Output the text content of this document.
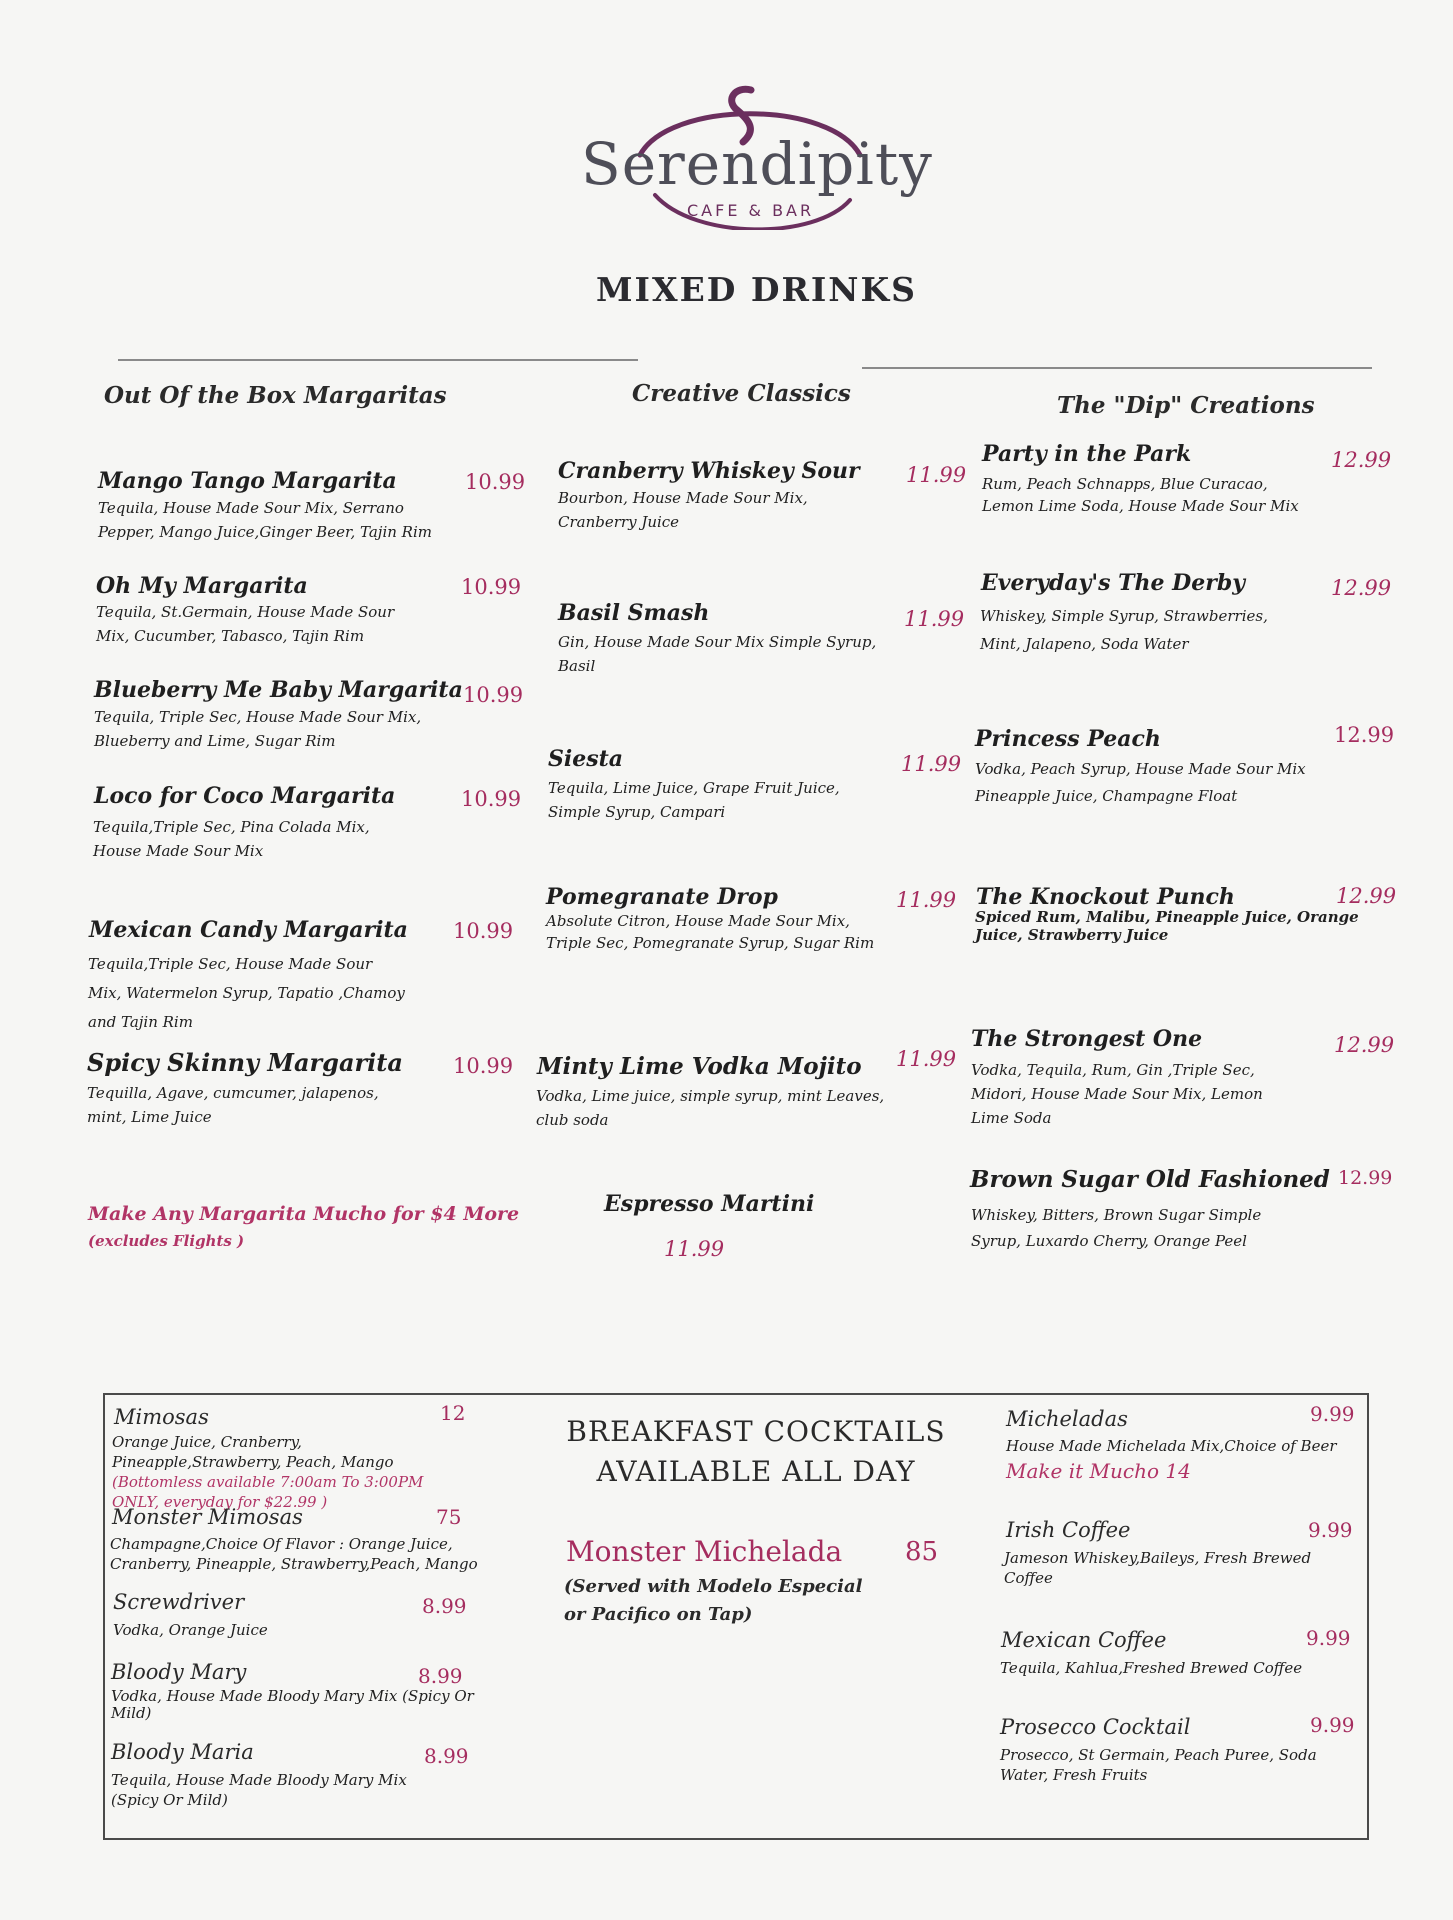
Serendipity
CAFE & BAR
MIXED DRINKS
Out Of the Box Margaritas
Mango Tango Margarita	10.99
Tequila, House Made Sour Mix, Serrano Pepper, Mango Juice,Ginger Beer, Tajin Rim
Oh My Margarita	10.99
Tequila, St.Germain, House Made Sour Mix, Cucumber, Tabasco, Tajin Rim
Blueberry Me Baby Margarita 10.99
Tequila, Triple Sec, House Made Sour Mix, Blueberry and Lime, Sugar Rim
Loco for Coco Margarita	10.99
Tequila,Triple Sec, Pina Colada Mix, House Made Sour Mix
Mexican Candy Margarita 10.99
Tequila,Triple Sec, House Made Sour Mix, Watermelon Syrup, Tapatio ,Chamoy and Tajin Rim
Spicy Skinny Margarita 10.99
Tequilla, Agave, cumcumer, jalapenos, mint, Lime Juice
Make Any Margarita Mucho for $4 More
(excludes Flights )
Creative Classics
Cranberry Whiskey Sour 11.99
Bourbon, House Made Sour Mix, Cranberry Juice
Basil Smash	11.99
Gin, House Made Sour Mix Simple Syrup, Basil
Siesta	11.99
Tequila, Lime Juice, Grape Fruit Juice, Simple Syrup, Campari
Pomegranate Drop	11.99
Absolute Citron, House Made Sour Mix, Triple Sec, Pomegranate Syrup, Sugar Rim
Minty Lime Vodka Mojito 11.99
Vodka, Lime juice, simple syrup, mint Leaves, club soda
Espresso Martini
11.99
The "Dip" Creations
Party in the Park	12.99
Rum, Peach Schnapps, Blue Curacao, Lemon Lime Soda, House Made Sour Mix
Everyday's The Derby	12.99
Whiskey, Simple Syrup, Strawberries, Mint, Jalapeno, Soda Water
Princess Peach	12.99
Vodka, Peach Syrup, House Made Sour Mix Pineapple Juice, Champagne Float
The Knockout Punch	12.99
Spiced Rum, Malibu, Pineapple Juice, Orange Juice, Strawberry Juice
The Strongest One	12.99
Vodka, Tequila, Rum, Gin ,Triple Sec, Midori, House Made Sour Mix, Lemon Lime Soda
Brown Sugar Old Fashioned 12.99
Whiskey, Bitters, Brown Sugar Simple Syrup, Luxardo Cherry, Orange Peel
Mimosas	12
Orange Juice, Cranberry, Pineapple,Strawberry, Peach, Mango (Bottomless available 7:00am To 3:00PM ONLY, everyday for $22.99 )
Monster Mimosas	75
Champagne,Choice Of Flavor : Orange Juice, Cranberry, Pineapple, Strawberry,Peach, Mango
Screwdriver	8.99
Vodka, Orange Juice
Bloody Mary	8.99
Vodka, House Made Bloody Mary Mix (Spicy Or Mild)
Bloody Maria	8.99
Tequila, House Made Bloody Mary Mix (Spicy Or Mild)
BREAKFAST COCKTAILS
AVAILABLE ALL DAY
Monster Michelada 85
(Served with Modelo Especial or Pacifico on Tap)
Micheladas	9.99
House Made Michelada Mix,Choice of Beer
Make it Mucho 14
Irish Coffee	9.99
Jameson Whiskey,Baileys, Fresh Brewed Coffee
Mexican Coffee	9.99
Tequila, Kahlua,Freshed Brewed Coffee
Prosecco Cocktail	9.99
Prosecco, St Germain, Peach Puree, Soda Water, Fresh Fruits
